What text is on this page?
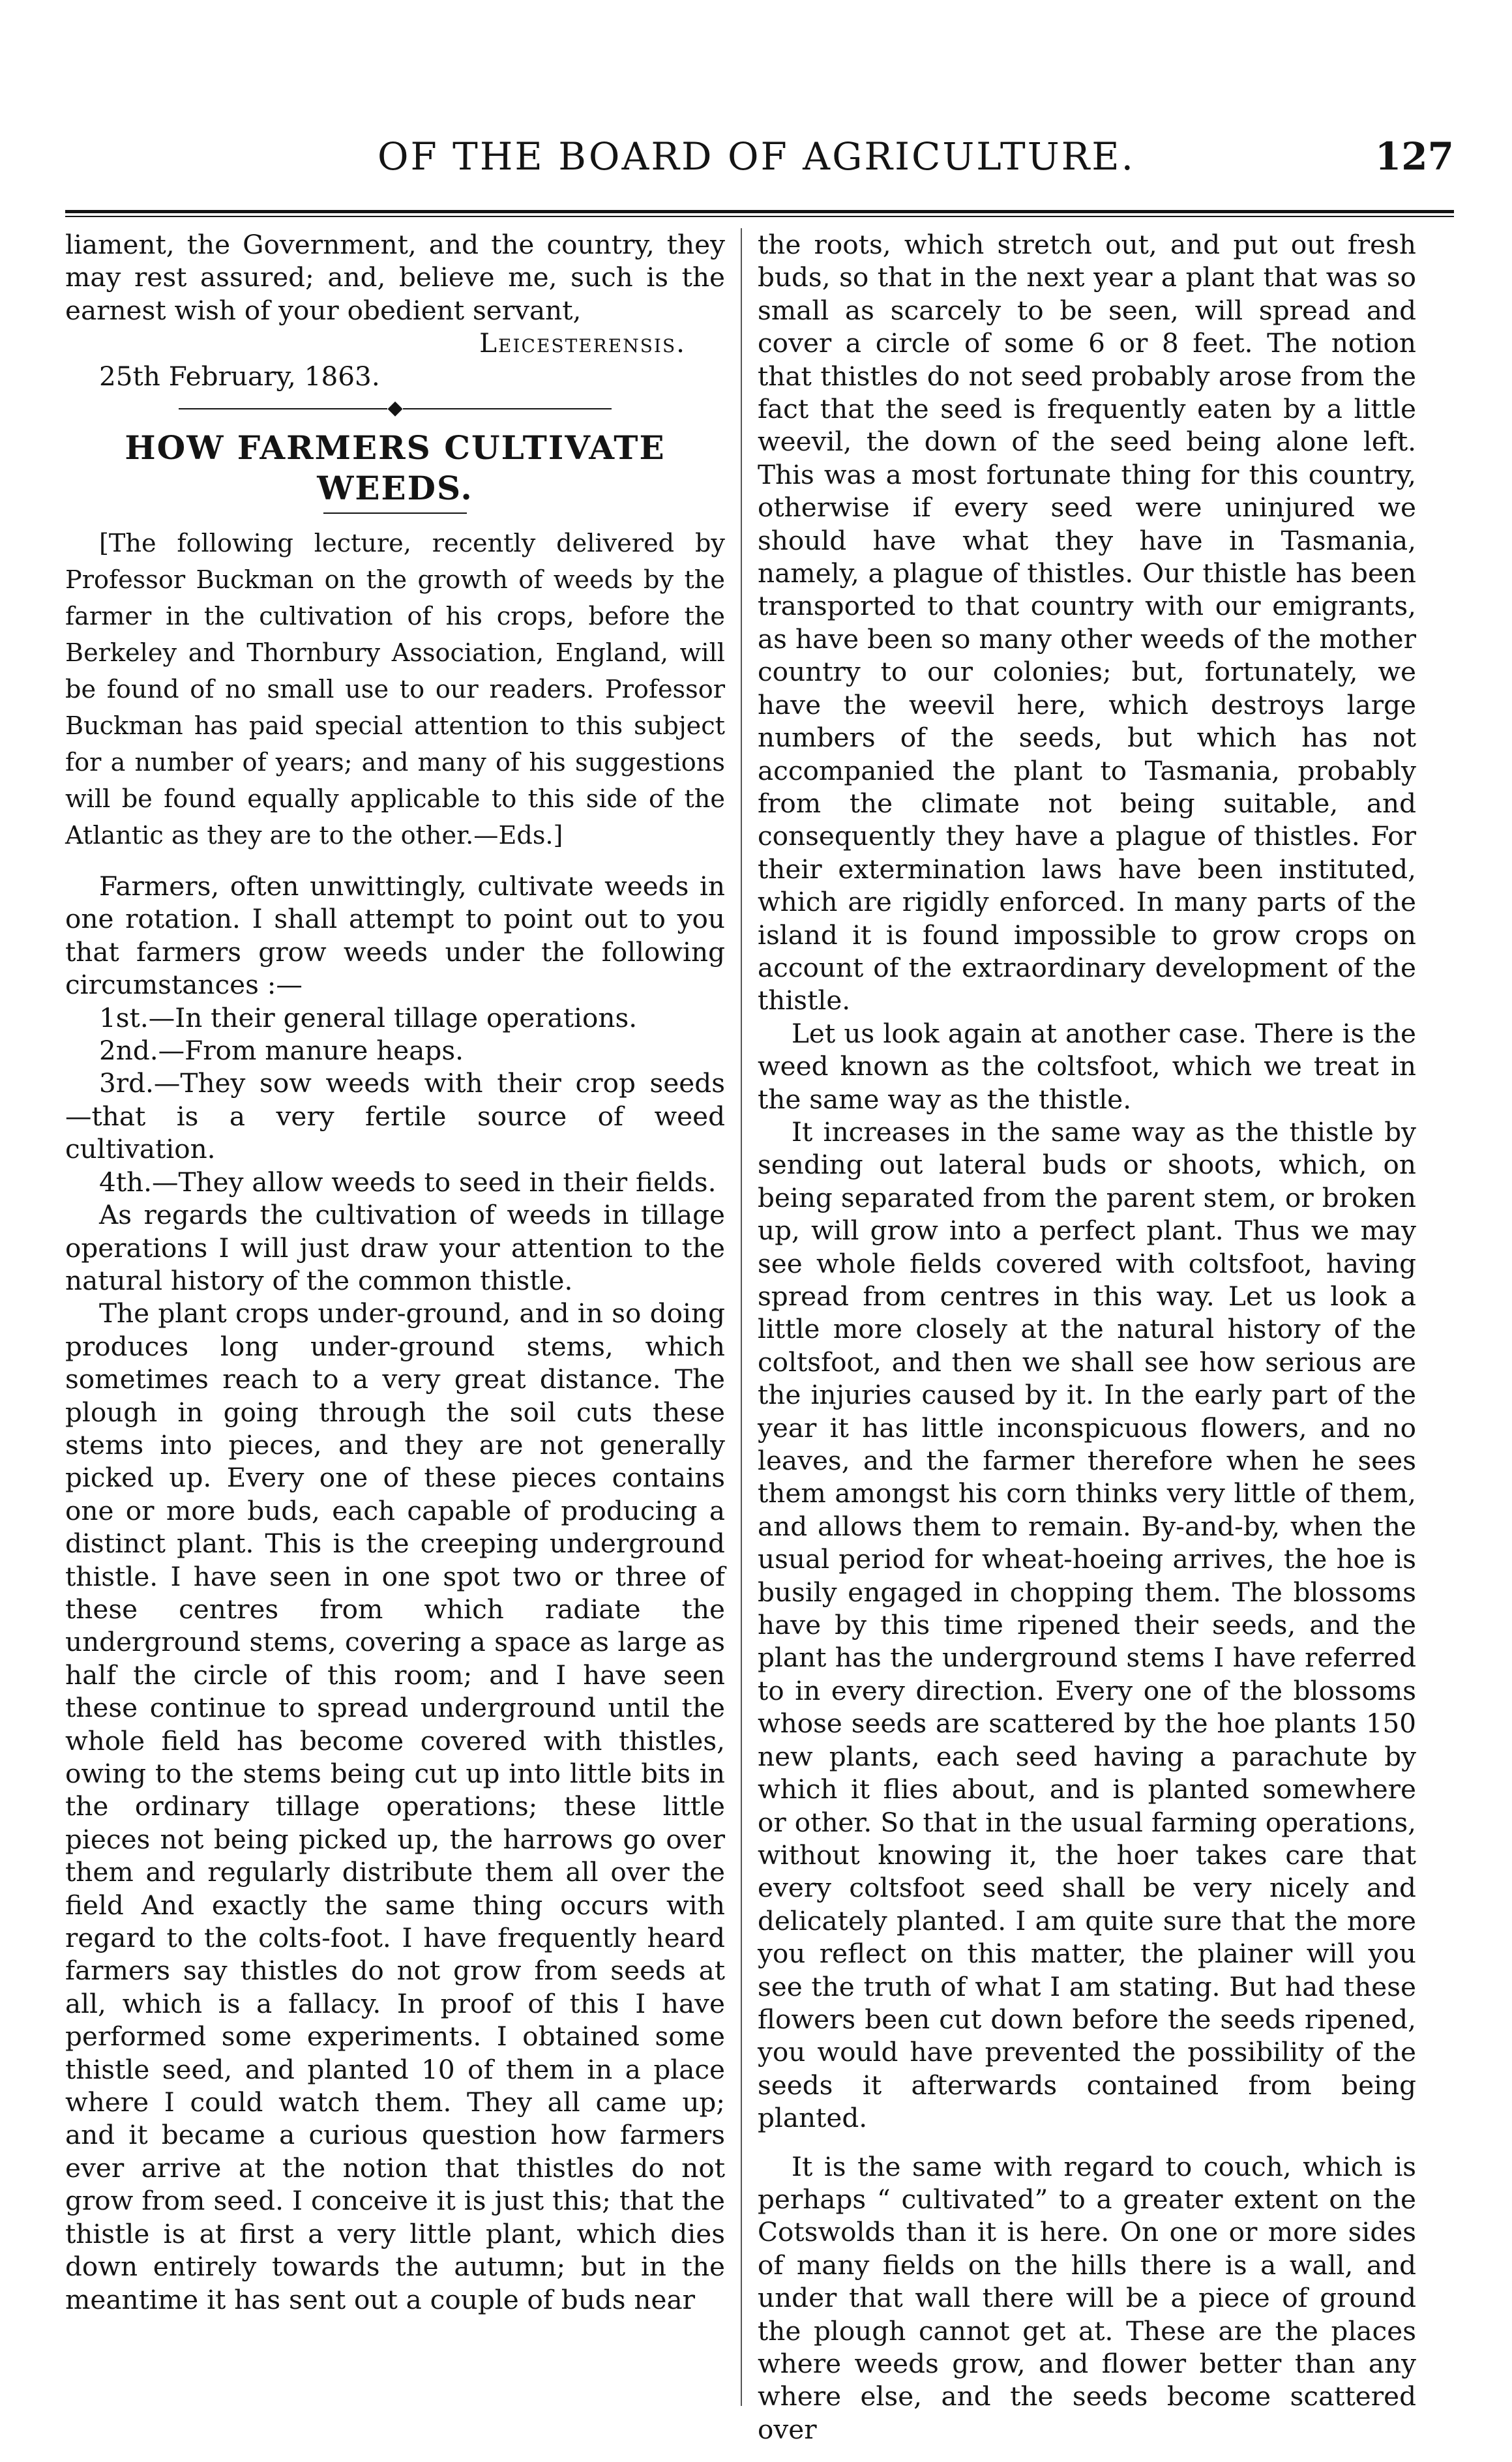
OF THE BOARD OF AGRICULTURE.	127

liament, the Government, and the country, they may rest assured; and, believe me, such is the earnest wish of your obedient servant,

Leicesterensis.

25th February, 1863.

◆

HOW FARMERS CULTIVATE WEEDS.

[The following lecture, recently delivered by Professor Buckman on the growth of weeds by the farmer in the cultivation of his crops, before the Berkeley and Thornbury Association, England, will be found of no small use to our readers. Professor Buckman has paid special attention to this subject for a number of years; and many of his suggestions will be found equally applicable to this side of the Atlantic as they are to the other.—Eds.]

Farmers, often unwittingly, cultivate weeds in one rotation. I shall attempt to point out to you that farmers grow weeds under the following circumstances :—

1st.—In their general tillage operations.

2nd.—From manure heaps.

3rd.—They sow weeds with their crop seeds —that is a very fertile source of weed cultivation.

4th.—They allow weeds to seed in their fields.

As regards the cultivation of weeds in tillage operations I will just draw your attention to the natural history of the common thistle.

The plant crops under-ground, and in so doing produces long under-ground stems, which sometimes reach to a very great distance. The plough in going through the soil cuts these stems into pieces, and they are not generally picked up. Every one of these pieces contains one or more buds, each capable of producing a distinct plant. This is the creeping underground thistle. I have seen in one spot two or three of these centres from which radiate the underground stems, covering a space as large as half the circle of this room; and I have seen these continue to spread underground until the whole field has become covered with thistles, owing to the stems being cut up into little bits in the ordinary tillage operations; these little pieces not being picked up, the harrows go over them and regularly distribute them all over the field And exactly the same thing occurs with regard to the colts-foot. I have frequently heard farmers say thistles do not grow from seeds at all, which is a fallacy. In proof of this I have performed some experiments. I obtained some thistle seed, and planted 10 of them in a place where I could watch them. They all came up; and it became a curious question how farmers ever arrive at the notion that thistles do not grow from seed. I conceive it is just this; that the thistle is at first a very little plant, which dies down entirely towards the autumn; but in the meantime it has sent out a couple of buds near

the roots, which stretch out, and put out fresh buds, so that in the next year a plant that was so small as scarcely to be seen, will spread and cover a circle of some 6 or 8 feet. The notion that thistles do not seed probably arose from the fact that the seed is frequently eaten by a little weevil, the down of the seed being alone left. This was a most fortunate thing for this country, otherwise if every seed were uninjured we should have what they have in Tasmania, namely, a plague of thistles. Our thistle has been transported to that country with our emigrants, as have been so many other weeds of the mother country to our colonies; but, fortunately, we have the weevil here, which destroys large numbers of the seeds, but which has not accompanied the plant to Tasmania, probably from the climate not being suitable, and consequently they have a plague of thistles. For their extermination laws have been instituted, which are rigidly enforced. In many parts of the island it is found impossible to grow crops on account of the extraordinary development of the thistle.

Let us look again at another case. There is the weed known as the coltsfoot, which we treat in the same way as the thistle.

It increases in the same way as the thistle by sending out lateral buds or shoots, which, on being separated from the parent stem, or broken up, will grow into a perfect plant. Thus we may see whole fields covered with coltsfoot, having spread from centres in this way. Let us look a little more closely at the natural history of the coltsfoot, and then we shall see how serious are the injuries caused by it. In the early part of the year it has little inconspicuous flowers, and no leaves, and the farmer therefore when he sees them amongst his corn thinks very little of them, and allows them to remain. By-and-by, when the usual period for wheat-hoeing arrives, the hoe is busily engaged in chopping them. The blossoms have by this time ripened their seeds, and the plant has the underground stems I have referred to in every direction. Every one of the blossoms whose seeds are scattered by the hoe plants 150 new plants, each seed having a parachute by which it flies about, and is planted somewhere or other. So that in the usual farming operations, without knowing it, the hoer takes care that every coltsfoot seed shall be very nicely and delicately planted. I am quite sure that the more you reflect on this matter, the plainer will you see the truth of what I am stating. But had these flowers been cut down before the seeds ripened, you would have prevented the possibility of the seeds it afterwards contained from being planted.

It is the same with regard to couch, which is perhaps “ cultivated” to a greater extent on the Cotswolds than it is here. On one or more sides of many fields on the hills there is a wall, and under that wall there will be a piece of ground the plough cannot get at. These are the places where weeds grow, and flower better than any where else, and the seeds become scattered over
